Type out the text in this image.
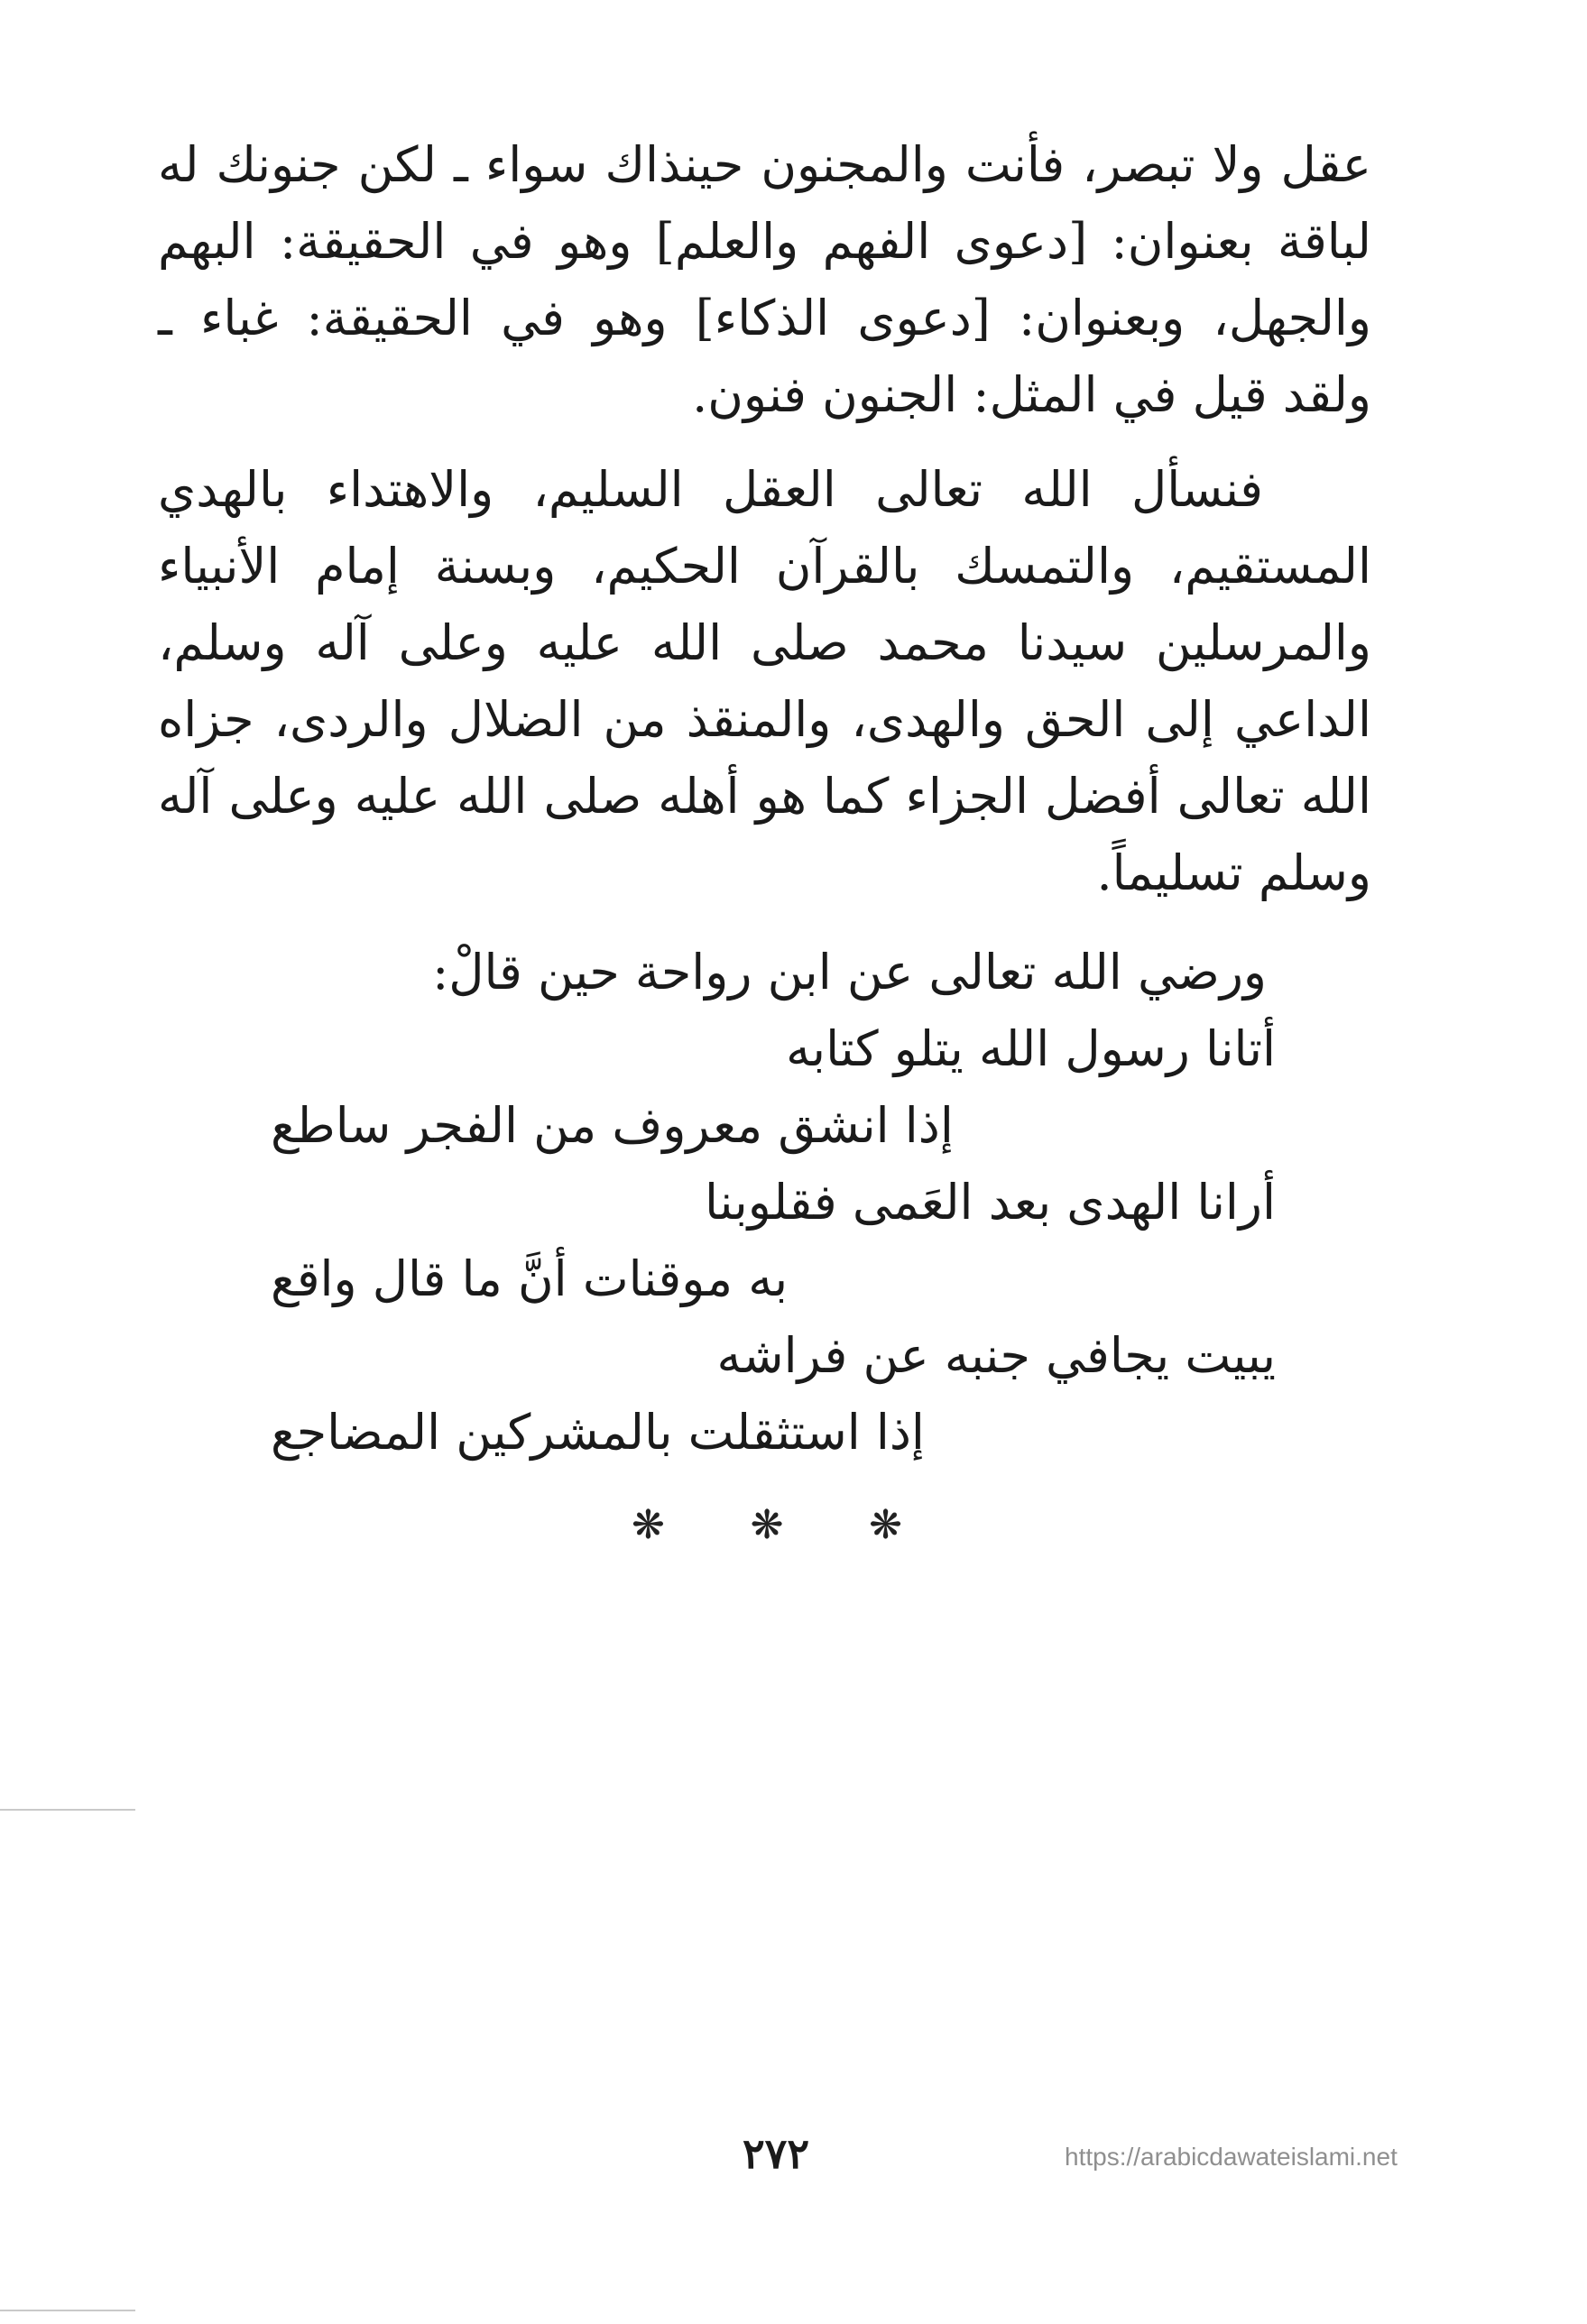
عقل ولا تبصر، فأنت والمجنون حينذاك سواء ـ لكن جنونك له لباقة بعنوان: [دعوى الفهم والعلم] وهو في الحقيقة: البهم والجهل، وبعنوان: [دعوى الذكاء] وهو في الحقيقة: غباء ـ ولقد قيل في المثل: الجنون فنون.

فنسأل الله تعالى العقل السليم، والاهتداء بالهدي المستقيم، والتمسك بالقرآن الحكيم، وبسنة إمام الأنبياء والمرسلين سيدنا محمد صلى الله عليه وعلى آله وسلم، الداعي إلى الحق والهدى، والمنقذ من الضلال والردى، جزاه الله تعالى أفضل الجزاء كما هو أهله صلى الله عليه وعلى آله وسلم تسليماً.

ورضي الله تعالى عن ابن رواحة حين قالْ:
أتانا رسول الله يتلو كتابه
إذا انشق معروف من الفجر ساطع
أرانا الهدى بعد العَمى فقلوبنا
به موقنات أنَّ ما قال واقع
يبيت يجافي جنبه عن فراشه
إذا استثقلت بالمشركين المضاجع
❋ ❋ ❋
٢٧٢	https://arabicdawateislami.net
